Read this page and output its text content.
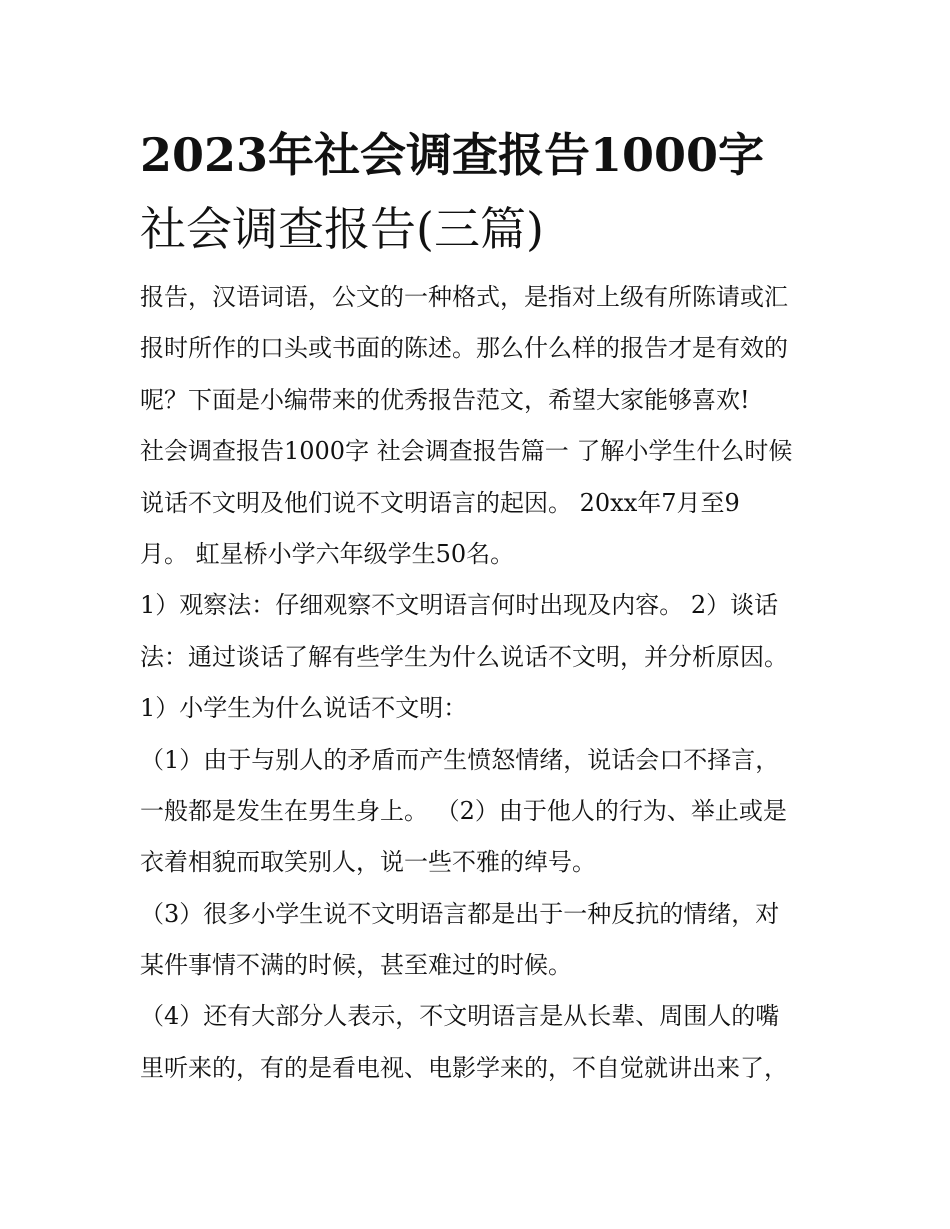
2023年社会调查报告1000字
社会调查报告(三篇)
报告，汉语词语，公文的一种格式，是指对上级有所陈请或汇
报时所作的口头或书面的陈述。那么什么样的报告才是有效的
呢？下面是小编带来的优秀报告范文，希望大家能够喜欢!
社会调查报告1000字 社会调查报告篇一 了解小学生什么时候
说话不文明及他们说不文明语言的起因。 20xx年7月至9
月。 虹星桥小学六年级学生50名。
1）观察法：仔细观察不文明语言何时出现及内容。 2）谈话
法：通过谈话了解有些学生为什么说话不文明，并分析原因。
1）小学生为什么说话不文明：
（1）由于与别人的矛盾而产生愤怒情绪，说话会口不择言，
一般都是发生在男生身上。 （2）由于他人的行为、举止或是
衣着相貌而取笑别人，说一些不雅的绰号。
（3）很多小学生说不文明语言都是出于一种反抗的情绪，对
某件事情不满的时候，甚至难过的时候。
（4）还有大部分人表示，不文明语言是从长辈、周围人的嘴
里听来的，有的是看电视、电影学来的，不自觉就讲出来了，
